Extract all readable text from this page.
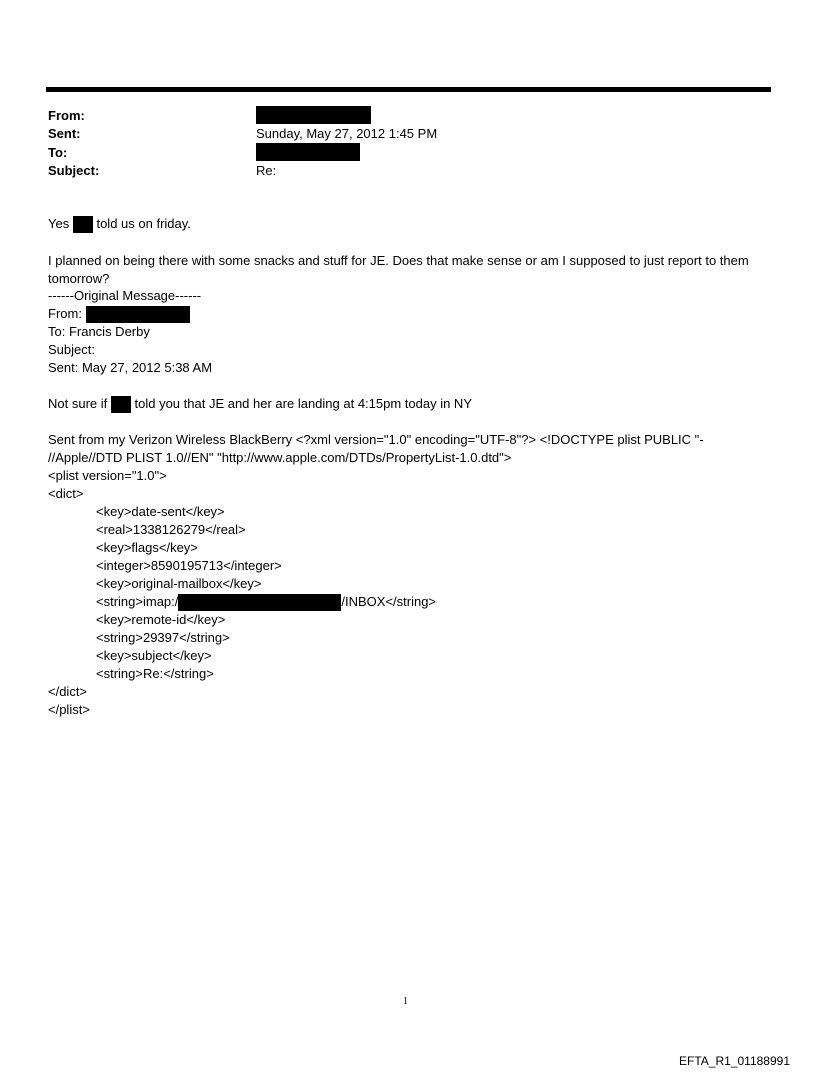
From:
Sent:	Sunday, May 27, 2012 1:45 PM
To:
Subject:	Re:
Yes told us on friday.
I planned on being there with some snacks and stuff for JE. Does that make sense or am I supposed to just report to them tomorrow?
------Original Message------
From:
To: Francis Derby
Subject:
Sent: May 27, 2012 5:38 AM
Not sure if told you that JE and her are landing at 4:15pm today in NY
Sent from my Verizon Wireless BlackBerry <?xml version="1.0" encoding="UTF-8"?> <!DOCTYPE plist PUBLIC "-
//Apple//DTD PLIST 1.0//EN" "http://www.apple.com/DTDs/PropertyList-1.0.dtd">
<plist version="1.0">
<dict>
<key>date-sent</key>
<real>1338126279</real>
<key>flags</key>
<integer>8590195713</integer>
<key>original-mailbox</key>
<string>imap:/	/INBOX</string>
<key>remote-id</key>
<string>29397</string>
<key>subject</key>
<string>Re:</string>
</dict>
</plist>
1
EFTA_R1_01188991
